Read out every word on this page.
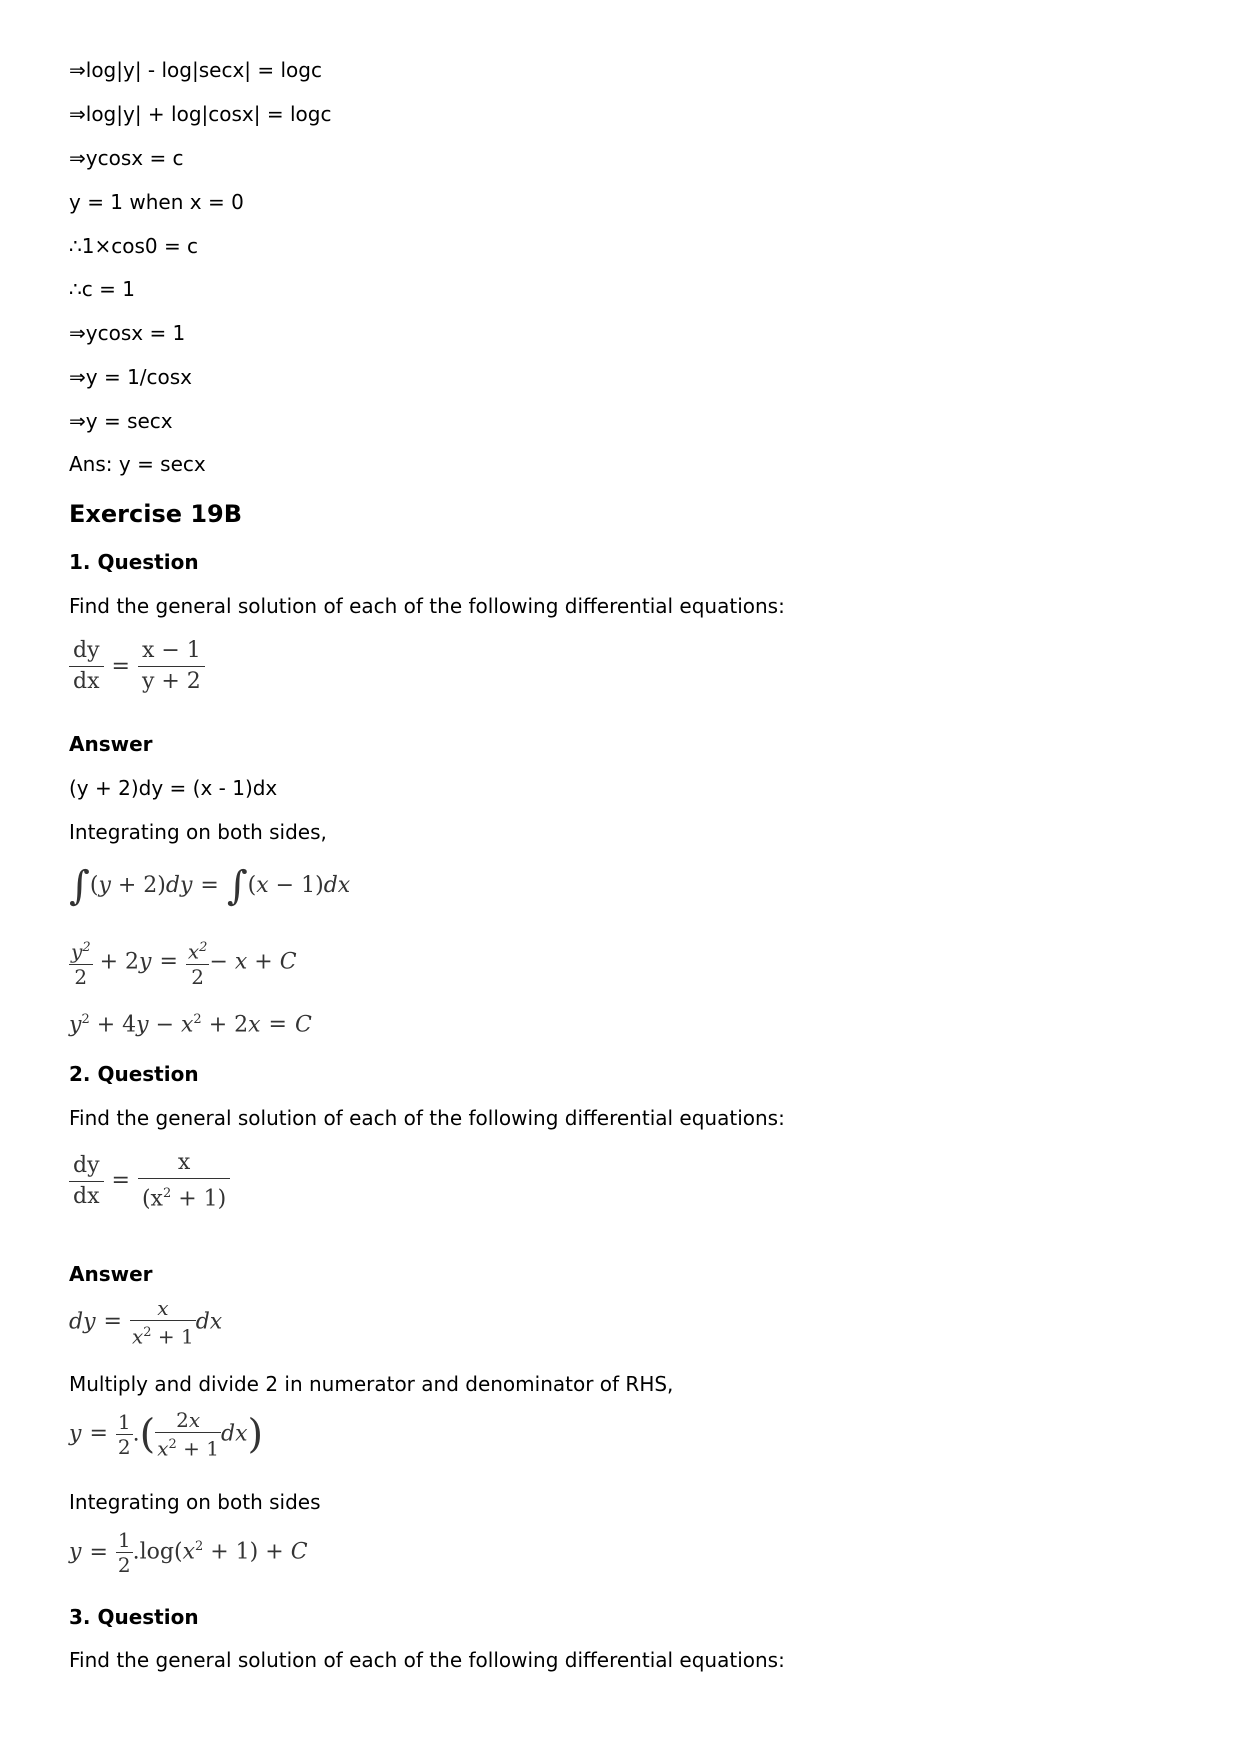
⇒log|y| - log|secx| = logc
⇒log|y| + log|cosx| = logc
⇒ycosx = c
y = 1 when x = 0
∴1×cos0 = c
∴c = 1
⇒ycosx = 1
⇒y = 1/cosx
⇒y = secx
Ans: y = secx
Exercise 19B
1. Question
Find the general solution of each of the following differential equations:
$\frac{dy}{dx} = \frac{x - 1}{y + 2}$
Answer
(y + 2)dy = (x - 1)dx
Integrating on both sides,
∫(y + 2)dy = ∫(x − 1)dx
$\frac{y^2}{2} + 2y = \frac{x^2}{2} - x + C$
$y^2 + 4y - x^2 + 2x = C$
2. Question
Find the general solution of each of the following differential equations:
$\frac{dy}{dx} = \frac{x}{(x^2 + 1)}$
Answer
dy = $\frac{x}{x^2 + 1}$ dx
Multiply and divide 2 in numerator and denominator of RHS,
$y = \frac{1}{2}$ .( $\frac{2x}{x^2 + 1} dx$)
Integrating on both sides
$y = \frac{1}{2} .\log(x^2 + 1) + C$
3. Question
Find the general solution of each of the following differential equations:
